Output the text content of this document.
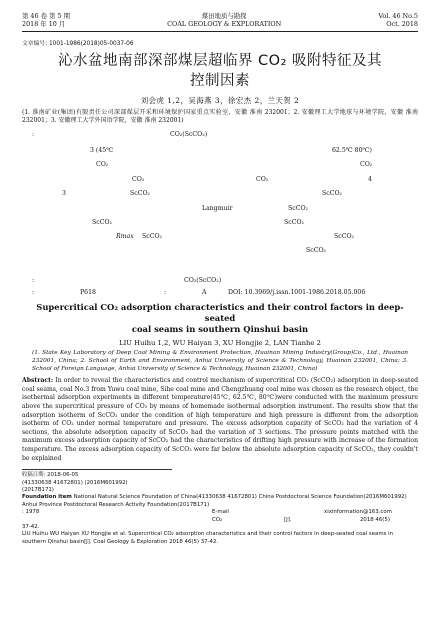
第 46 卷 第 5 期
2018 年 10 月
煤田地质与勘探
COAL GEOLOGY & EXPLORATION
Vol. 46 No.5
Oct. 2018
文章编号: 1001-1986(2018)05-0037-06
沁水盆地南部深部煤层超临界 CO₂ 吸附特征及其
控制因素
刘会虎 1,2，吴海燕 3，徐宏杰 2，兰天贺 2
(1. 淮南矿业(集团)有限责任公司深部煤层开采和环境保护国家重点实验室，安徽 淮南 232001；2. 安徽理工大学地球与环境学院，安徽 淮南 232001；3. 安徽理工大学外国语学院，安徽 淮南 232001)
:	CO₂(ScCO₂)
3 (45℃	62.5℃ 80℃)
CO₂	CO₂
CO₂	CO₂	4
3	ScCO₂	ScCO₂
Langmuir	ScCO₂
ScCO₂	ScCO₂
Rmax ScCO₂	ScCO₂
ScCO₂
:	CO₂(ScCO₂)
:	P618	:	A	DOI: 10.3969/j.issn.1001-1986.2018.05.006
Supercritical CO₂ adsorption characteristics and their control factors in deep-seated
coal seams in southern Qinshui basin
LIU Huihu 1,2, WU Haiyan 3, XU Hongjie 2, LAN Tianhe 2
(1. State Key Laboratory of Deep Coal Mining & Environment Protection, Huainan Mining Industry(Group)Co., Ltd., Huainan 232001, China; 2. School of Earth and Environment, Anhui University of Science & Technology, Huainan 232001, China; 3. School of Foreign Language, Anhui University of Science & Technology, Huainan 232001, China)
Abstract: In order to reveal the characteristics and control mechanism of supercritical CO₂ (ScCO₂) adsorption in deep-seated coal seams, coal No.3 from Yuwu coal mine, Sihe coal mine and Chengzhuang coal mine was chosen as the research object, the isothermal adsorption experiments in different temperature(45℃, 62.5℃, 80℃)were conducted with the maximum pressure above the supercritical pressure of CO₂ by means of homemade isothermal adsorption instrument. The results show that the adsorption isotherm of ScCO₂ under the condition of high temperature and high pressure is different from the adsorption isotherm of CO₂ under normal temperature and pressure. The excess adsorption capacity of ScCO₂ had the variation of 4 sections, the absolute adsorption capacity of ScCO₂ had the variation of 3 sections. The pressure points matched with the maximum excess adsorption capacity of ScCO₂ had the characteristics of drifting high pressure with increase of the formation temperature. The excess adsorption capacity of ScCO₂ were far below the absolute adsorption capacity of ScCO₂, they couldn't be explained
收稿日期: 2018-06-05
(41330638 41672801) (2016M601992)
(2017B171)
Foundation item National Natural Science Foundation of China(41330638 41672801) China Postdoctoral Science Foundation(2016M601992) Anhui Province Postdoctoral Research Activity Foundation(2017B171)
: 1978	E-mail	xixinformation@163.com
CO₂	[J].	2018 46(5)
37-42.
LIU Huihu WU Haiyan XU Hongjie et al. Supercritical CO₂ adsorption characteristics and their control factors in deep-seated coal seams in southern Qinshui basin[J]. Coal Geology & Exploration 2018 46(5) 37-42.
